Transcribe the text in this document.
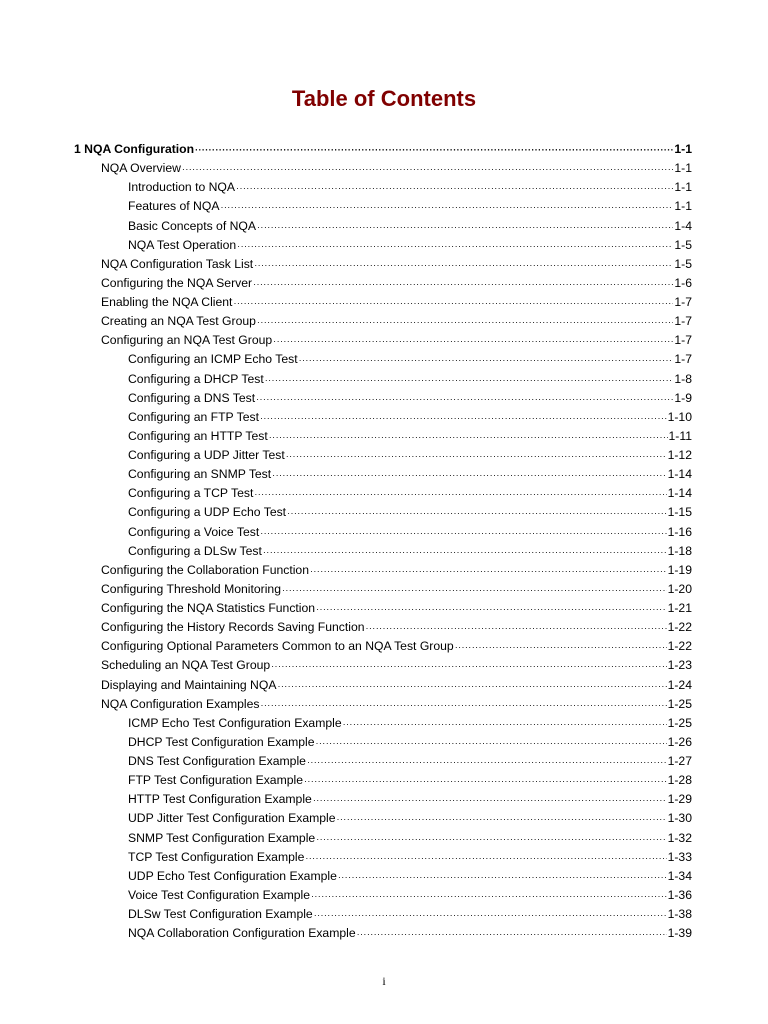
Table of Contents
1 NQA Configuration ·····	1-1
NQA Overview ·····	1-1
Introduction to NQA ·····	1-1
Features of NQA ·····	1-1
Basic Concepts of NQA ·····	1-4
NQA Test Operation ·····	1-5
NQA Configuration Task List ·····	1-5
Configuring the NQA Server ·····	1-6
Enabling the NQA Client ·····	1-7
Creating an NQA Test Group ·····	1-7
Configuring an NQA Test Group ·····	1-7
Configuring an ICMP Echo Test ·····	1-7
Configuring a DHCP Test ·····	1-8
Configuring a DNS Test ·····	1-9
Configuring an FTP Test ·····	1-10
Configuring an HTTP Test ·····	1-11
Configuring a UDP Jitter Test ·····	1-12
Configuring an SNMP Test ·····	1-14
Configuring a TCP Test ·····	1-14
Configuring a UDP Echo Test ·····	1-15
Configuring a Voice Test ·····	1-16
Configuring a DLSw Test ·····	1-18
Configuring the Collaboration Function ·····	1-19
Configuring Threshold Monitoring ·····	1-20
Configuring the NQA Statistics Function ·····	1-21
Configuring the History Records Saving Function ·····	1-22
Configuring Optional Parameters Common to an NQA Test Group ·····	1-22
Scheduling an NQA Test Group ·····	1-23
Displaying and Maintaining NQA ·····	1-24
NQA Configuration Examples ·····	1-25
ICMP Echo Test Configuration Example ·····	1-25
DHCP Test Configuration Example ·····	1-26
DNS Test Configuration Example ·····	1-27
FTP Test Configuration Example ·····	1-28
HTTP Test Configuration Example ·····	1-29
UDP Jitter Test Configuration Example ·····	1-30
SNMP Test Configuration Example ·····	1-32
TCP Test Configuration Example ·····	1-33
UDP Echo Test Configuration Example ·····	1-34
Voice Test Configuration Example ·····	1-36
DLSw Test Configuration Example ·····	1-38
NQA Collaboration Configuration Example ·····	1-39
i
